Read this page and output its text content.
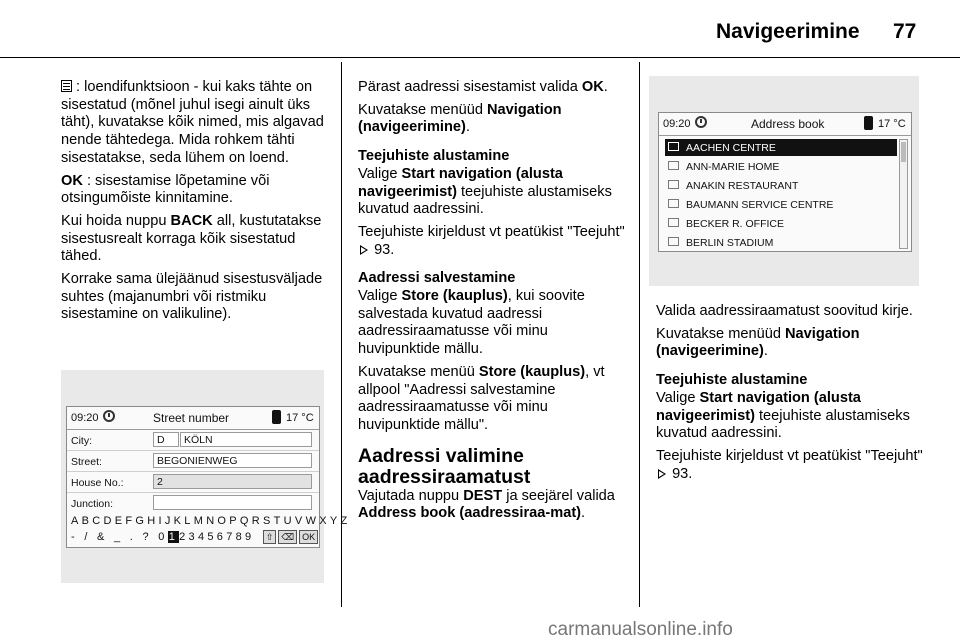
Navigeerimine 77

: loendifunktsioon - kui kaks tähte on sisestatud (mõnel juhul isegi ainult üks täht), kuvatakse kõik nimed, mis algavad nende tähtedega. Mida rohkem tähti sisestatakse, seda lühem on loend.

OK : sisestamise lõpetamine või otsingumõiste kinnitamine.

Kui hoida nuppu BACK all, kustutatakse sisestusrealt korraga kõik sisestatud tähed.

Korrake sama ülejäänud sisestusväljade suhtes (majanumbri või ristmiku sisestamine on valikuline).

09:20	Street number	17 °C
City:	D	KÖLN
Street:	BEGONIENWEG
House No.:	2
Junction:
ABCDEFGHIJKLMNOPQRSTUVWXYZ
- / & _ . ? 0123456789 ⇧ ⌫ OK

Pärast aadressi sisestamist valida OK.

Kuvatakse menüüd Navigation (navigeerimine).

Teejuhiste alustamine

Valige Start navigation (alusta navigeerimist) teejuhiste alustamiseks kuvatud aadressini.

Teejuhiste kirjeldust vt peatükist "Teejuht"  93.

Aadressi salvestamine

Valige Store (kauplus), kui soovite salvestada kuvatud aadressi aadressiraamatusse või minu huvipunktide mällu.

Kuvatakse menüü Store (kauplus), vt allpool "Aadressi salvestamine aadressiraamatusse või minu huvipunktide mällu".

Aadressi valimine aadressiraamatust

Vajutada nuppu DEST ja seejärel valida Address book (aadressiraa-mat).

09:20	Address book	17 °C
AACHEN CENTRE
ANN-MARIE HOME
ANAKIN RESTAURANT
BAUMANN SERVICE CENTRE
BECKER R. OFFICE
BERLIN STADIUM

Valida aadressiraamatust soovitud kirje.

Kuvatakse menüüd Navigation (navigeerimine).

Teejuhiste alustamine

Valige Start navigation (alusta navigeerimist) teejuhiste alustamiseks kuvatud aadressini.

Teejuhiste kirjeldust vt peatükist "Teejuht"  93.

carmanualsonline.info
